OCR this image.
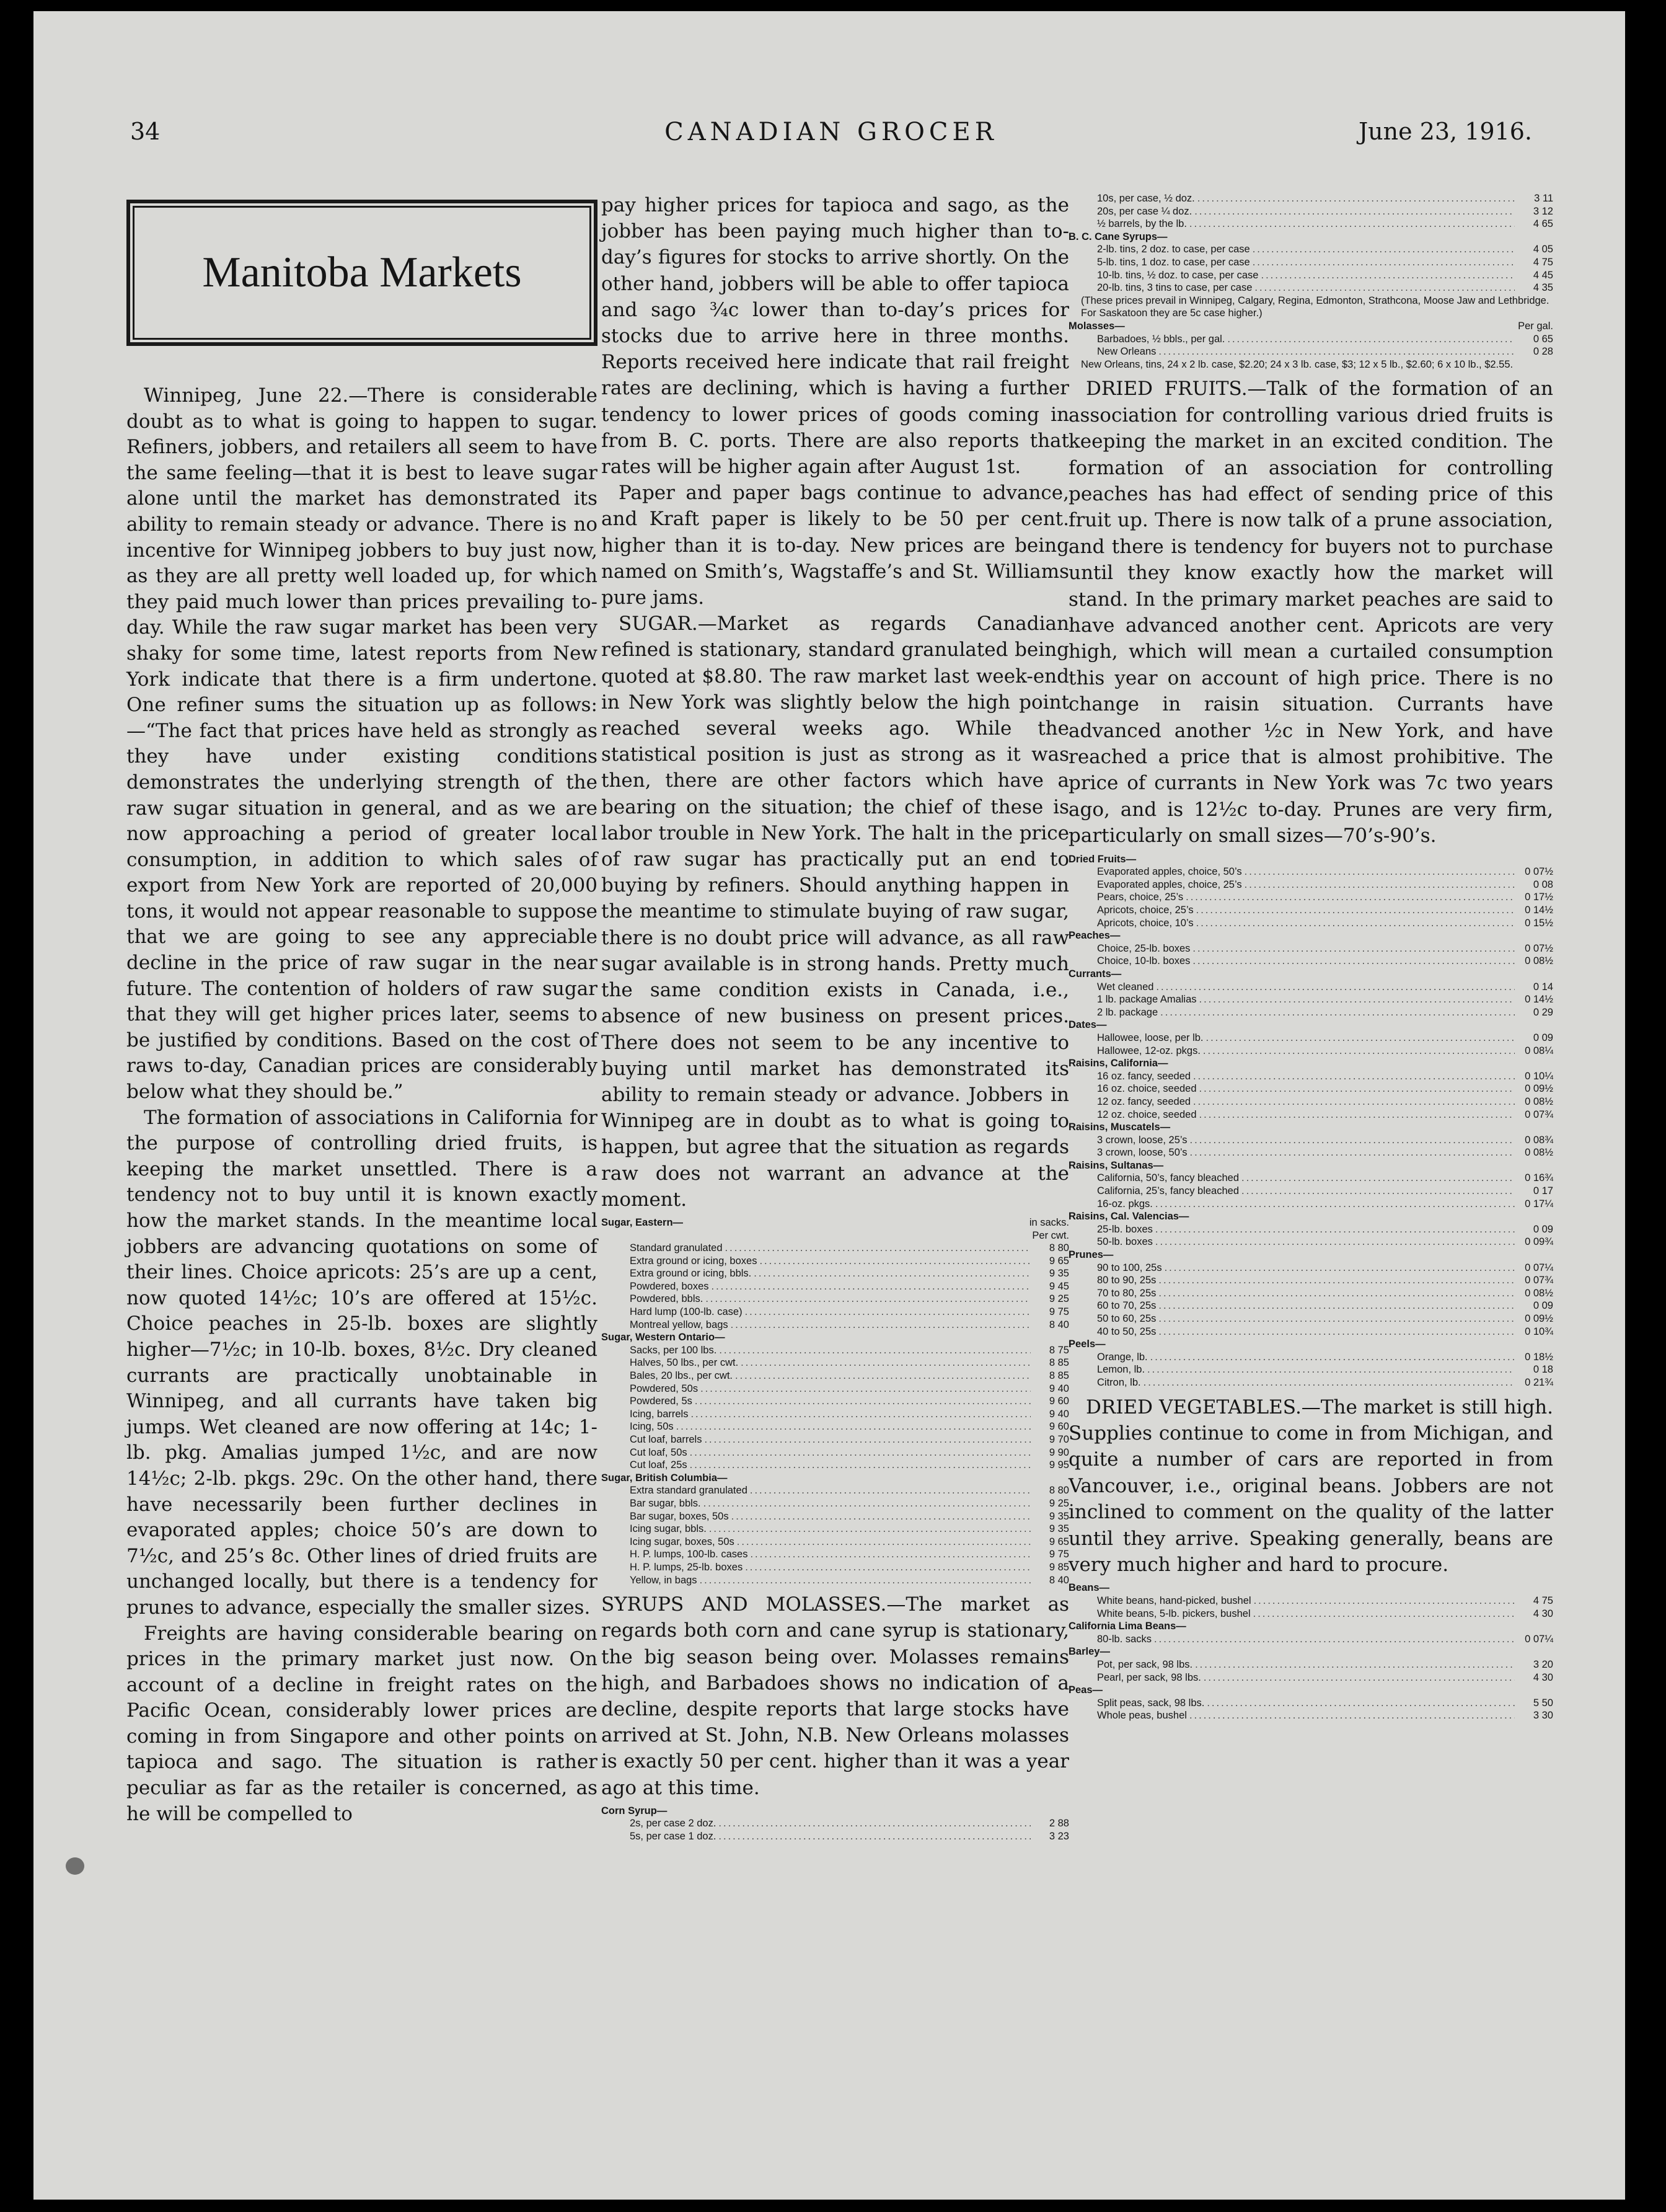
34	CANADIAN GROCER	June 23, 1916.
Manitoba Markets

Winnipeg, June 22.—There is considerable doubt as to what is going to happen to sugar. Refiners, jobbers, and retailers all seem to have the same feeling—that it is best to leave sugar alone until the market has demonstrated its ability to remain steady or advance. There is no incentive for Winnipeg jobbers to buy just now, as they are all pretty well loaded up, for which they paid much lower than prices prevailing to-day. While the raw sugar market has been very shaky for some time, latest reports from New York indicate that there is a firm undertone. One refiner sums the situation up as follows:—“The fact that prices have held as strongly as they have under existing conditions demonstrates the underlying strength of the raw sugar situation in general, and as we are now approaching a period of greater local consumption, in addition to which sales of export from New York are reported of 20,000 tons, it would not appear reasonable to suppose that we are going to see any appreciable decline in the price of raw sugar in the near future. The contention of holders of raw sugar that they will get higher prices later, seems to be justified by conditions. Based on the cost of raws to-day, Canadian prices are considerably below what they should be.”

The formation of associations in California for the purpose of controlling dried fruits, is keeping the market unsettled. There is a tendency not to buy until it is known exactly how the market stands. In the meantime local jobbers are advancing quotations on some of their lines. Choice apricots: 25’s are up a cent, now quoted 14½c; 10’s are offered at 15½c. Choice peaches in 25-lb. boxes are slightly higher—7½c; in 10-lb. boxes, 8½c. Dry cleaned currants are practically unobtainable in Winnipeg, and all currants have taken big jumps. Wet cleaned are now offering at 14c; 1-lb. pkg. Amalias jumped 1½c, and are now 14½c; 2-lb. pkgs. 29c. On the other hand, there have necessarily been further declines in evaporated apples; choice 50’s are down to 7½c, and 25’s 8c. Other lines of dried fruits are unchanged locally, but there is a tendency for prunes to advance, especially the smaller sizes.

Freights are having considerable bearing on prices in the primary market just now. On account of a decline in freight rates on the Pacific Ocean, considerably lower prices are coming in from Singapore and other points on tapioca and sago. The situation is rather peculiar as far as the retailer is concerned, as he will be compelled to

pay higher prices for tapioca and sago, as the jobber has been paying much higher than to-day’s figures for stocks to arrive shortly. On the other hand, jobbers will be able to offer tapioca and sago ¾c lower than to-day’s prices for stocks due to arrive here in three months. Reports received here indicate that rail freight rates are declining, which is having a further tendency to lower prices of goods coming in from B. C. ports. There are also reports that rates will be higher again after August 1st.

Paper and paper bags continue to advance, and Kraft paper is likely to be 50 per cent. higher than it is to-day. New prices are being named on Smith’s, Wagstaffe’s and St. Williams pure jams.

SUGAR.—Market as regards Canadian refined is stationary, standard granulated being quoted at $8.80. The raw market last week-end in New York was slightly below the high point reached several weeks ago. While the statistical position is just as strong as it was then, there are other factors which have a bearing on the situation; the chief of these is labor trouble in New York. The halt in the price of raw sugar has practically put an end to buying by refiners. Should anything happen in the meantime to stimulate buying of raw sugar, there is no doubt price will advance, as all raw sugar available is in strong hands. Pretty much the same condition exists in Canada, i.e., absence of new business on present prices. There does not seem to be any incentive to buying until market has demonstrated its ability to remain steady or advance. Jobbers in Winnipeg are in doubt as to what is going to happen, but agree that the situation as regards raw does not warrant an advance at the moment.

Sugar, Eastern—	in sacks.
Per cwt.
Standard granulated .....	8 80
Extra ground or icing, boxes .....	9 65
Extra ground or icing, bbls. .....	9 35
Powdered, boxes .....	9 45
Powdered, bbls. .....	9 25
Hard lump (100-lb. case) .....	9 75
Montreal yellow, bags .....	8 40
Sugar, Western Ontario—
Sacks, per 100 lbs. .....	8 75
Halves, 50 lbs., per cwt. .....	8 85
Bales, 20 lbs., per cwt. .....	8 85
Powdered, 50s .....	9 40
Powdered, 5s .....	9 60
Icing, barrels .....	9 40
Icing, 50s .....	9 60
Cut loaf, barrels .....	9 70
Cut loaf, 50s .....	9 90
Cut loaf, 25s .....	9 95
Sugar, British Columbia—
Extra standard granulated .....	8 80
Bar sugar, bbls. .....	9 25
Bar sugar, boxes, 50s .....	9 35
Icing sugar, bbls. .....	9 35
Icing sugar, boxes, 50s .....	9 65
H. P. lumps, 100-lb. cases .....	9 75
H. P. lumps, 25-lb. boxes .....	9 85
Yellow, in bags .....	8 40

SYRUPS AND MOLASSES.—The market as regards both corn and cane syrup is stationary, the big season being over. Molasses remains high, and Barbadoes shows no indication of a decline, despite reports that large stocks have arrived at St. John, N.B. New Orleans molasses is exactly 50 per cent. higher than it was a year ago at this time.

Corn Syrup—
2s, per case 2 doz. .....	2 88
5s, per case 1 doz. .....	3 23
10s, per case, ½ doz. .....	3 11
20s, per case ¼ doz. .....	3 12
½ barrels, by the lb. .....	4 65
B. C. Cane Syrups—
2-lb. tins, 2 doz. to case, per case .....	4 05
5-lb. tins, 1 doz. to case, per case .....	4 75
10-lb. tins, ½ doz. to case, per case .....	4 45
20-lb. tins, 3 tins to case, per case .....	4 35
(These prices prevail in Winnipeg, Calgary, Regina, Edmonton, Strathcona, Moose Jaw and Lethbridge. For Saskatoon they are 5c case higher.)
Molasses—	Per gal.
Barbadoes, ½ bbls., per gal. .....	0 65
New Orleans .....	0 28
New Orleans, tins, 24 x 2 lb. case, $2.20; 24 x 3 lb. case, $3; 12 x 5 lb., $2.60; 6 x 10 lb., $2.55.

DRIED FRUITS.—Talk of the formation of an association for controlling various dried fruits is keeping the market in an excited condition. The formation of an association for controlling peaches has had effect of sending price of this fruit up. There is now talk of a prune association, and there is tendency for buyers not to purchase until they know exactly how the market will stand. In the primary market peaches are said to have advanced another cent. Apricots are very high, which will mean a curtailed consumption this year on account of high price. There is no change in raisin situation. Currants have advanced another ½c in New York, and have reached a price that is almost prohibitive. The price of currants in New York was 7c two years ago, and is 12½c to-day. Prunes are very firm, particularly on small sizes—70’s-90’s.

Dried Fruits—
Evaporated apples, choice, 50’s .....	0 07½
Evaporated apples, choice, 25’s .....	0 08
Pears, choice, 25’s .....	0 17½
Apricots, choice, 25’s .....	0 14½
Apricots, choice, 10’s .....	0 15½
Peaches—
Choice, 25-lb. boxes .....	0 07½
Choice, 10-lb. boxes .....	0 08½
Currants—
Wet cleaned .....	0 14
1 lb. package Amalias .....	0 14½
2 lb. package .....	0 29
Dates—
Hallowee, loose, per lb. .....	0 09
Hallowee, 12-oz. pkgs. .....	0 08¼
Raisins, California—
16 oz. fancy, seeded .....	0 10¼
16 oz. choice, seeded .....	0 09½
12 oz. fancy, seeded .....	0 08½
12 oz. choice, seeded .....	0 07¾
Raisins, Muscatels—
3 crown, loose, 25’s .....	0 08¾
3 crown, loose, 50’s .....	0 08½
Raisins, Sultanas—
California, 50’s, fancy bleached .....	0 16¾
California, 25’s, fancy bleached .....	0 17
16-oz. pkgs. .....	0 17¼
Raisins, Cal. Valencias—
25-lb. boxes .....	0 09
50-lb. boxes .....	0 09¾
Prunes—
90 to 100, 25s .....	0 07¼
80 to 90, 25s .....	0 07¾
70 to 80, 25s .....	0 08½
60 to 70, 25s .....	0 09
50 to 60, 25s .....	0 09½
40 to 50, 25s .....	0 10¾
Peels—
Orange, lb. .....	0 18½
Lemon, lb. .....	0 18
Citron, lb. .....	0 21¾

DRIED VEGETABLES.—The market is still high. Supplies continue to come in from Michigan, and quite a number of cars are reported in from Vancouver, i.e., original beans. Jobbers are not inclined to comment on the quality of the latter until they arrive. Speaking generally, beans are very much higher and hard to procure.

Beans—
White beans, hand-picked, bushel .....	4 75
White beans, 5-lb. pickers, bushel .....	4 30
California Lima Beans—
80-lb. sacks .....	0 07¼
Barley—
Pot, per sack, 98 lbs. .....	3 20
Pearl, per sack, 98 lbs. .....	4 30
Peas—
Split peas, sack, 98 lbs. .....	5 50
Whole peas, bushel .....	3 30
